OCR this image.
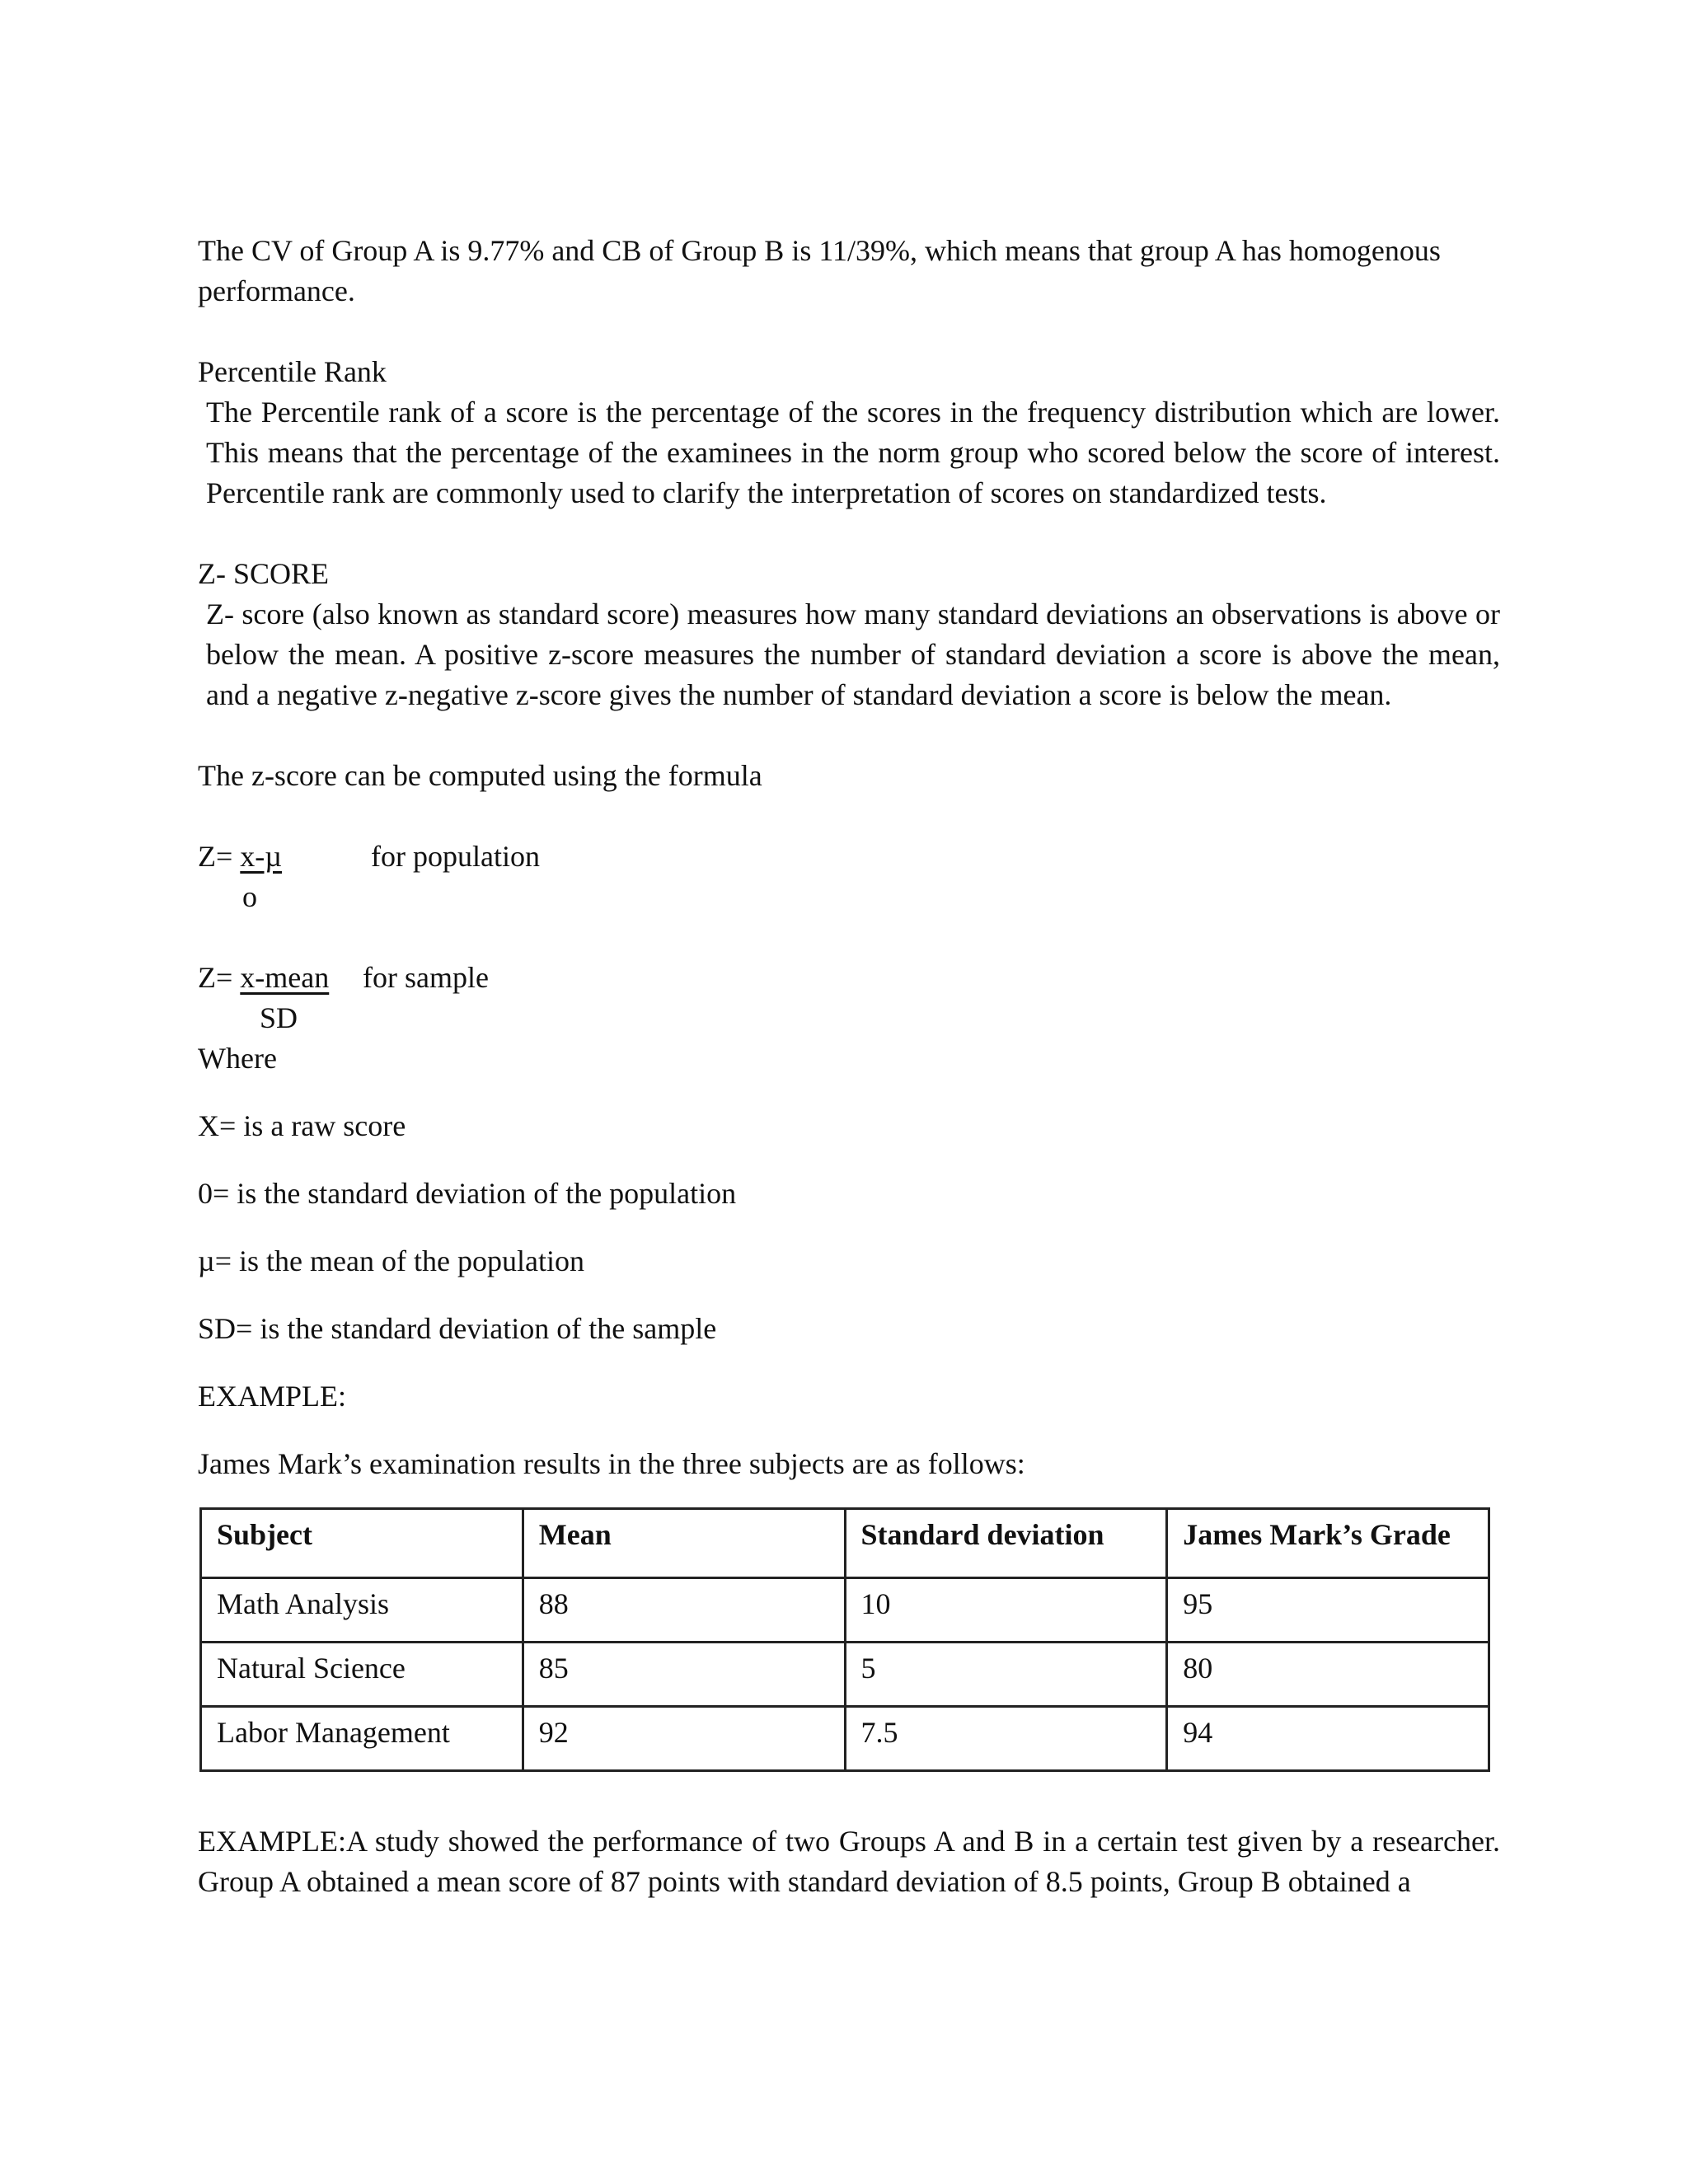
The CV of Group A is 9.77% and CB of Group B is 11/39%, which means that group A has homogenous performance.

Percentile Rank

The Percentile rank of a score is the percentage of the scores in the frequency distribution which are lower. This means that the percentage of the examinees in the norm group who scored below the score of interest. Percentile rank are commonly used to clarify the interpretation of scores on standardized tests.

Z- SCORE

Z- score (also known as standard score) measures how many standard deviations an observations is above or below the mean. A positive z-score measures the number of standard deviation a score is above the mean, and a negative z-negative z-score gives the number of standard deviation a score is below the mean.

The z-score can be computed using the formula

Z= x-µ
o
for population
Z= x-mean
SD
for sample

Where

X= is a raw score

0= is the standard deviation of the population

µ= is the mean of the population

SD= is the standard deviation of the sample

EXAMPLE:

James Mark’s examination results in the three subjects are as follows:

Subject	Mean	Standard deviation	James Mark’s Grade
Math Analysis	88	10	95
Natural Science	85	5	80
Labor Management	92	7.5	94

EXAMPLE:A study showed the performance of two Groups A and B in a certain test given by a researcher. Group A obtained a mean score of 87 points with standard deviation of 8.5 points, Group B obtained a
